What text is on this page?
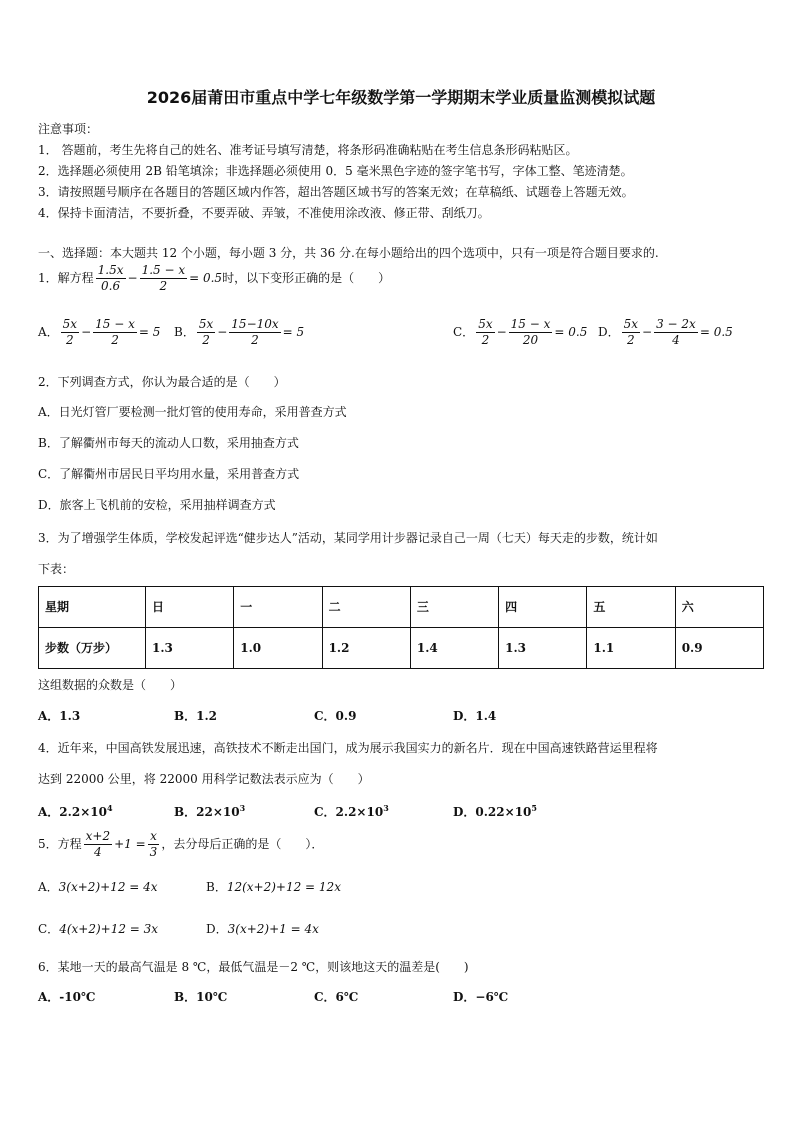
2026届莆田市重点中学七年级数学第一学期期末学业质量监测模拟试题
注意事项：
1． 答题前，考生先将自己的姓名、准考证号填写清楚，将条形码准确粘贴在考生信息条形码粘贴区。
2．选择题必须使用 2B 铅笔填涂；非选择题必须使用 0．5 毫米黑色字迹的签字笔书写，字体工整、笔迹清楚。
3．请按照题号顺序在各题目的答题区域内作答，超出答题区域书写的答案无效；在草稿纸、试题卷上答题无效。
4．保持卡面清洁，不要折叠，不要弄破、弄皱，不准使用涂改液、修正带、刮纸刀。
一、选择题：本大题共 12 个小题，每小题 3 分，共 36 分.在每小题给出的四个选项中，只有一项是符合题目要求的.
1．解方程 $\frac{1.5x}{0.6} - \frac{1.5 - x}{2} = 0.5$时，以下变形正确的是（　　）
A． $\frac{5x}{2} - \frac{15 - x}{2} = 5$ B． $\frac{5x}{2} - \frac{15-10x}{2} = 5$	C． $\frac{5x}{2} - \frac{15 - x}{20} = 0.5$ D． $\frac{5x}{2} - \frac{3 - 2x}{4} = 0.5$
2．下列调查方式，你认为最合适的是（　　）
A．日光灯管厂要检测一批灯管的使用寿命，采用普查方式
B．了解衢州市每天的流动人口数，采用抽查方式
C．了解衢州市居民日平均用水量，采用普查方式
D．旅客上飞机前的安检，采用抽样调查方式
3．为了增强学生体质，学校发起评选“健步达人”活动，某同学用计步器记录自己一周（七天）每天走的步数，统计如
下表：
星期	日	一	二	三	四	五	六
步数（万步）	1.3	1.0	1.2	1.4	1.3	1.1	0.9
这组数据的众数是（　　）
A．1.3	B．1.2	C．0.9	D．1.4
4．近年来，中国高铁发展迅速，高铁技术不断走出国门，成为展示我国实力的新名片．现在中国高速铁路营运里程将
达到 22000 公里，将 22000 用科学记数法表示应为（　　）
A．$2.2\times 10^4$	B．$22\times 10^3$	C．$2.2\times 10^3$	D．$0.22\times 10^5$
5．方程 $\frac{x+2}{4} +1 = \frac{x}{3}$ ，去分母后正确的是（　　）．
A．3(x+2)+12 = 4x	B．12(x+2)+12 = 12x
C．4(x+2)+12 = 3x	D．3(x+2)+1 = 4x
6．某地一天的最高气温是 8 ℃，最低气温是－2 ℃，则该地这天的温差是(　　)
A．-10℃	B．10℃	C．6℃	D．−6℃
